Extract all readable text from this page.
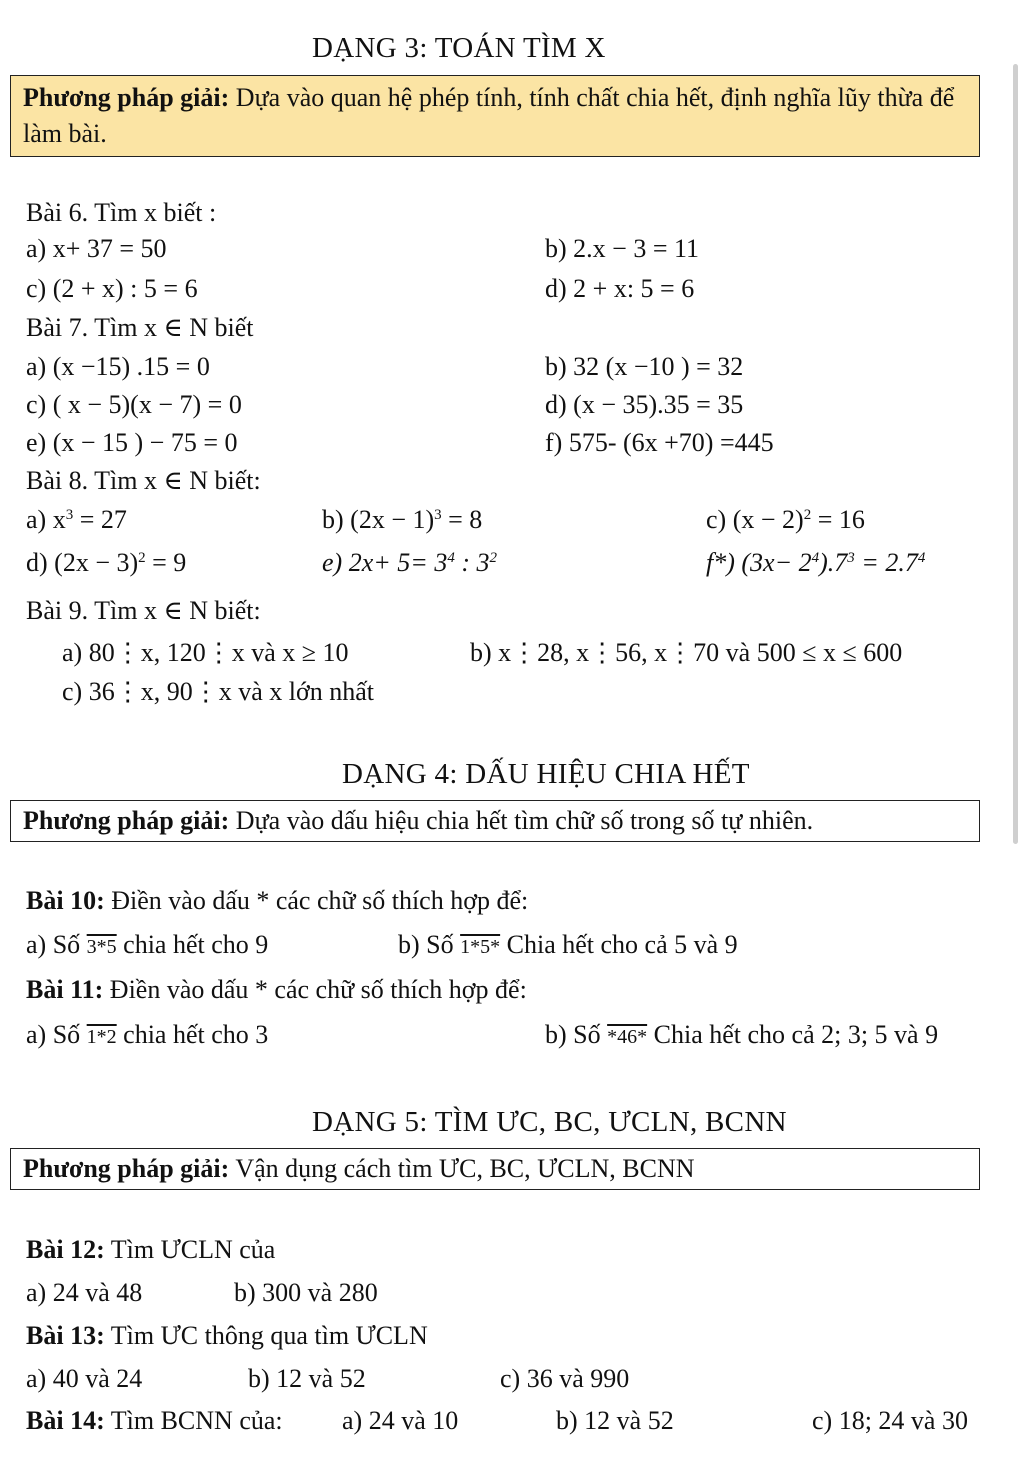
DẠNG 3: TOÁN TÌM X
Phương pháp giải: Dựa vào quan hệ phép tính, tính chất chia hết, định nghĩa lũy thừa để làm bài.
Bài 6. Tìm x biết :
a) x+ 37 = 50	b) 2.x − 3 = 11
c) (2 + x) : 5 = 6	d) 2 + x: 5 = 6
Bài 7. Tìm x ∈ N biết
a) (x −15) .15 = 0	b) 32 (x −10 ) = 32
c) ( x − 5)(x − 7) = 0	d) (x − 35).35 = 35
e) (x − 15 ) − 75 = 0	f) 575- (6x +70) =445
Bài 8. Tìm x ∈ N biết:
a) $x^3 = 27$	b) $(2x - 1)^3 = 8$	c) $(x - 2)^2 = 16$
d) $(2x - 3)^2 = 9$	e) $2x+ 5= 3^4$ : $3^2$	f*) $(3x- 2^4).7^3 = 2.7^4$
Bài 9. Tìm x ∈ N biết:
a) 80⋮x, 120⋮x và x ≥ 10	b) x⋮28, x⋮56, x⋮70 và 500 ≤ x ≤ 600
c) 36⋮x, 90⋮x và x lớn nhất
DẠNG 4: DẤU HIỆU CHIA HẾT
Phương pháp giải: Dựa vào dấu hiệu chia hết tìm chữ số trong số tự nhiên.
Bài 10: Điền vào dấu * các chữ số thích hợp để:
a) Số 3*5 chia hết cho 9	b) Số 1*5* Chia hết cho cả 5 và 9
Bài 11: Điền vào dấu * các chữ số thích hợp để:
a) Số 1*2 chia hết cho 3	b) Số *46* Chia hết cho cả 2; 3; 5 và 9
DẠNG 5: TÌM ƯC, BC, ƯCLN, BCNN
Phương pháp giải: Vận dụng cách tìm ƯC, BC, ƯCLN, BCNN
Bài 12: Tìm ƯCLN của
a) 24 và 48	b) 300 và 280
Bài 13: Tìm ƯC thông qua tìm ƯCLN
a) 40 và 24	b) 12 và 52	c) 36 và 990
Bài 14: Tìm BCNN của: a) 24 và 10	b) 12 và 52	c) 18; 24 và 30
